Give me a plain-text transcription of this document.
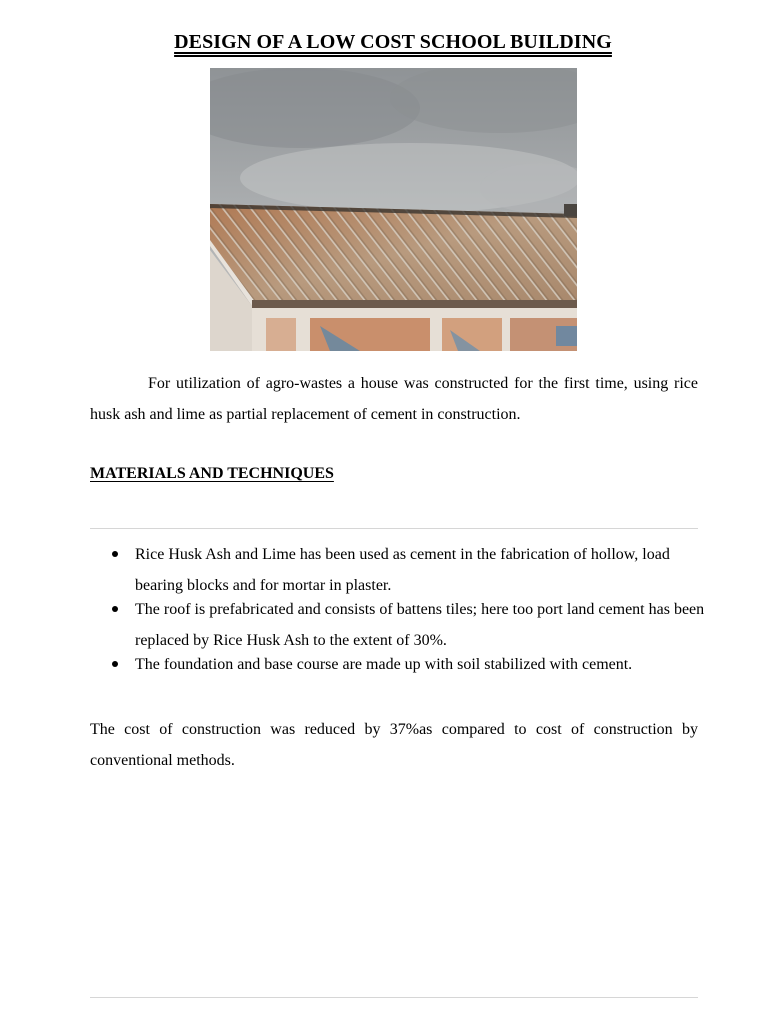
DESIGN OF A LOW COST SCHOOL BUILDING

For utilization of agro-wastes a house was constructed for the first time, using rice husk ash and lime as partial replacement of cement in construction.

MATERIALS AND TECHNIQUES
Rice Husk Ash and Lime has been used as cement in the fabrication of hollow, load bearing blocks and for mortar in plaster.
The roof is prefabricated and consists of battens tiles; here too port land cement has been replaced by Rice Husk Ash to the extent of 30%.
The foundation and base course are made up with soil stabilized with cement.

The cost of construction was reduced by 37%as compared to cost of construction by conventional methods.
